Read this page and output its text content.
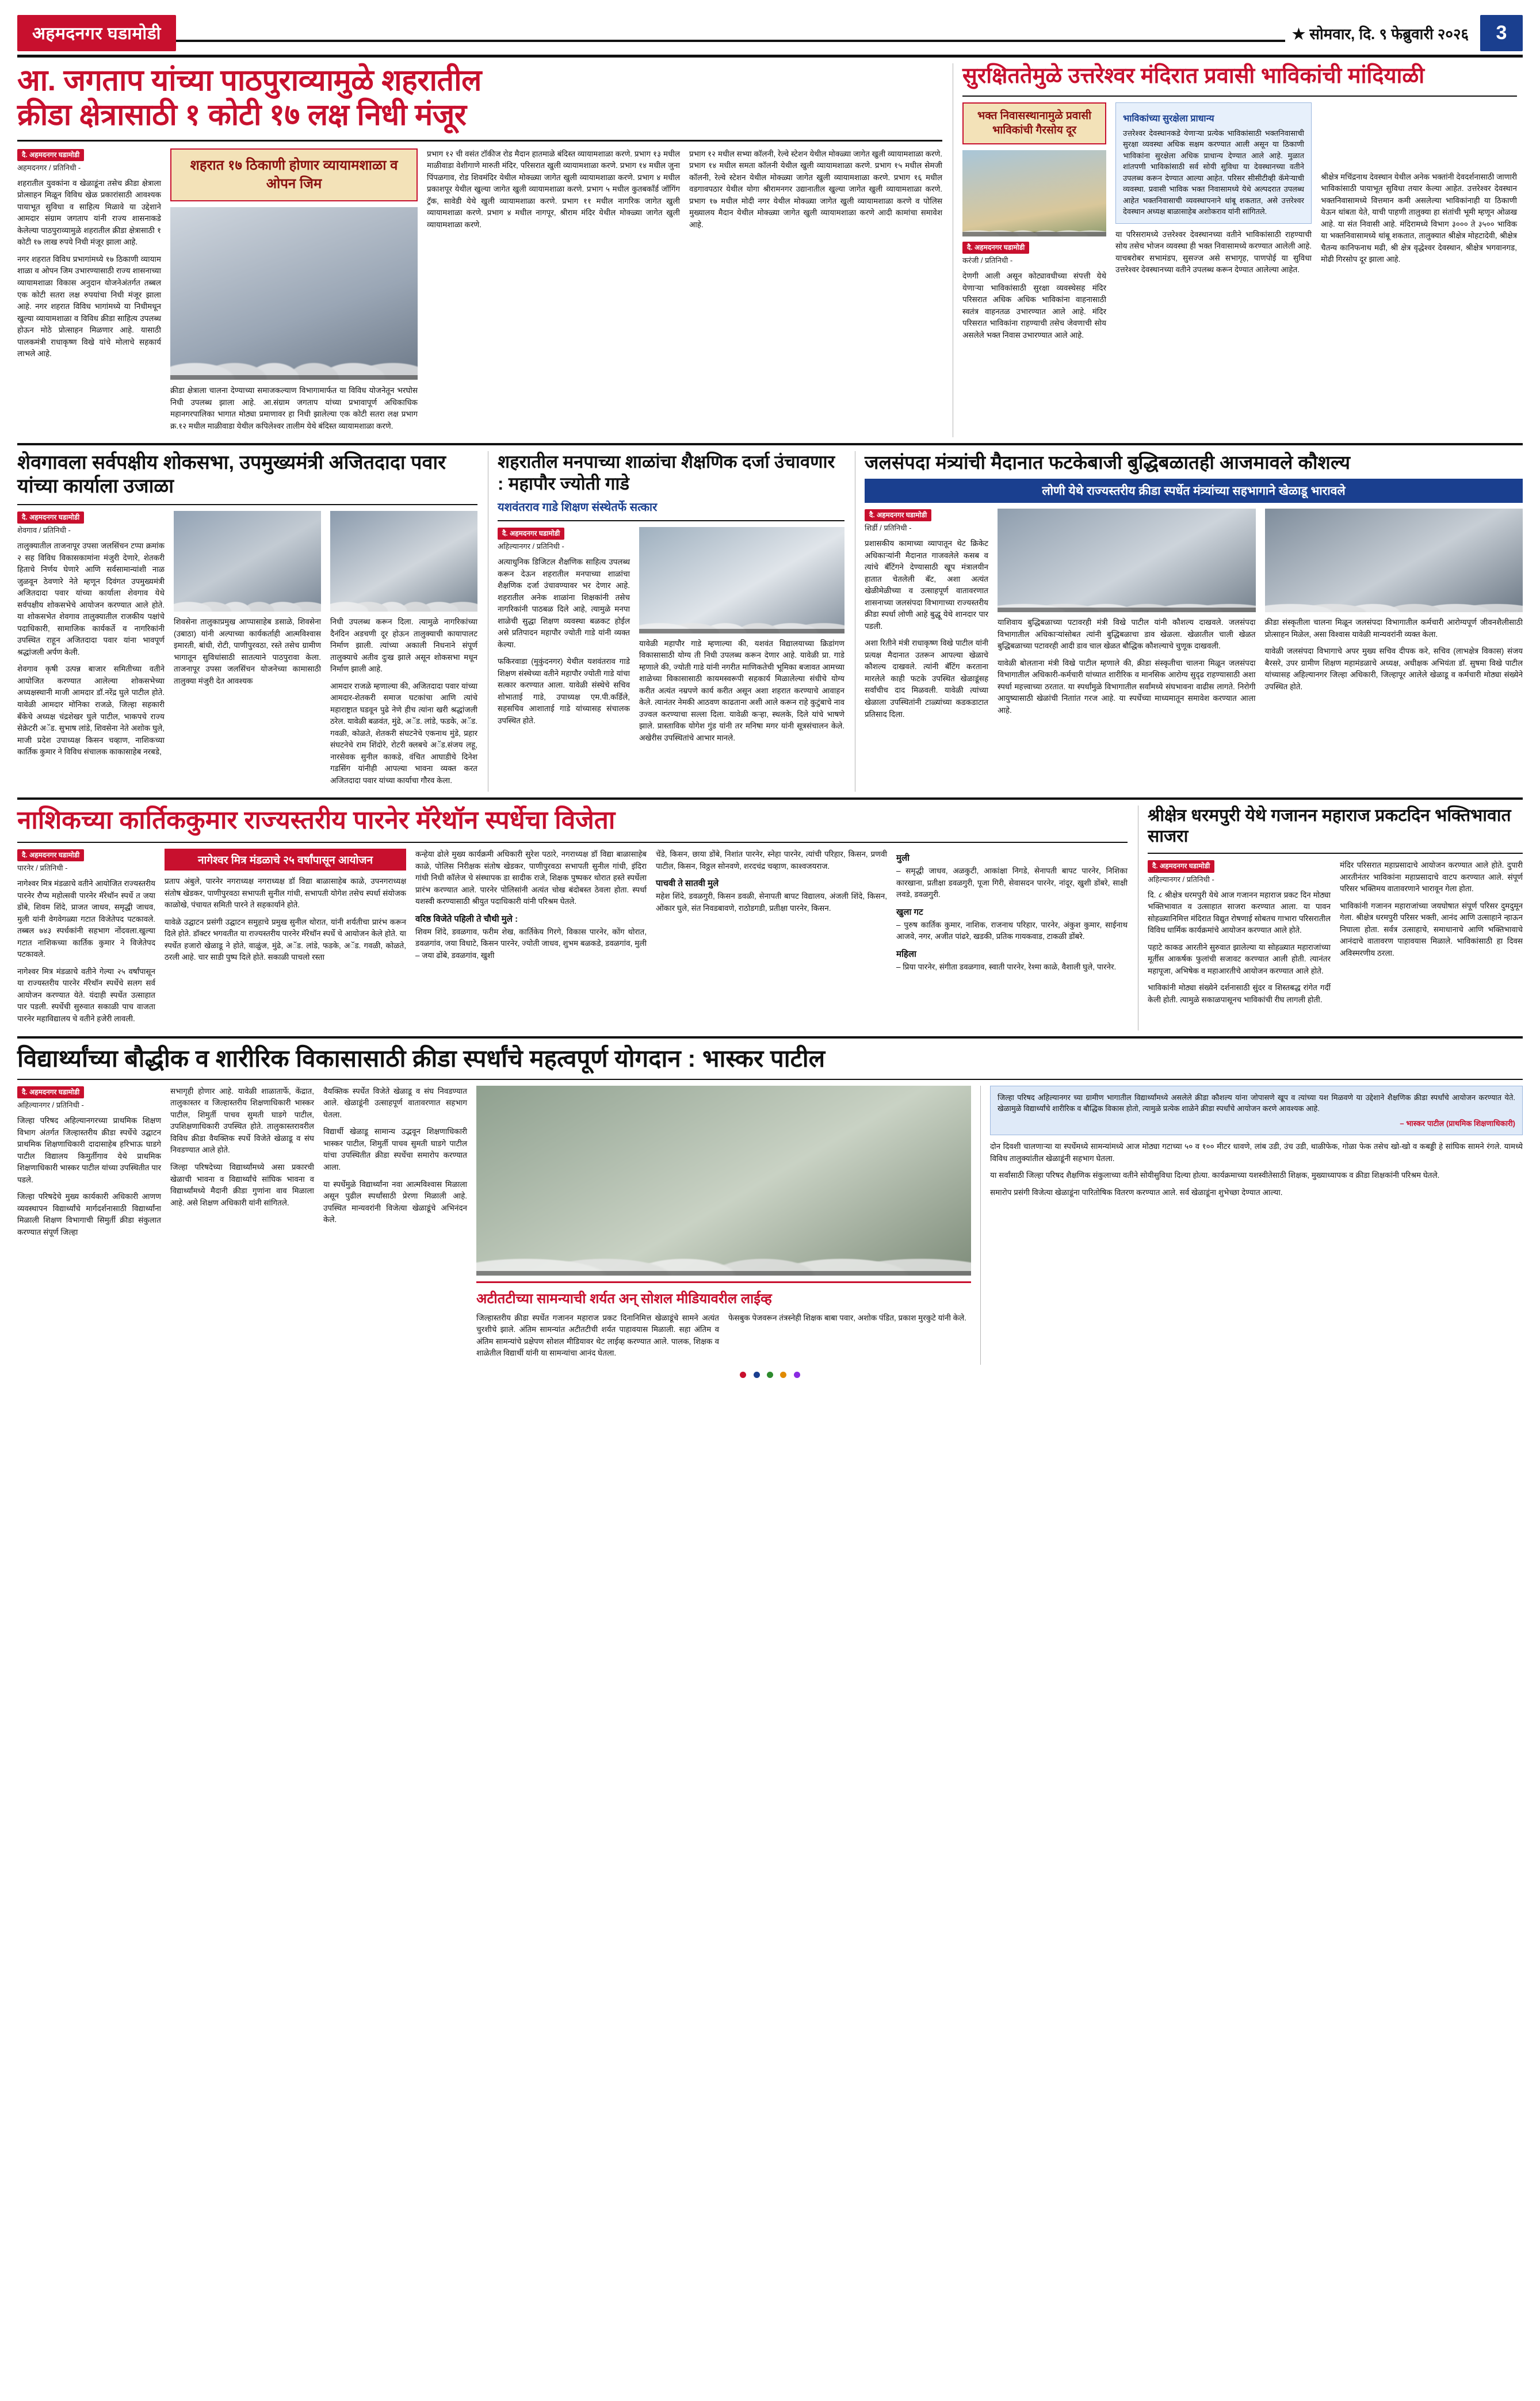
अहमदनगर घडामोडी	★ सोमवार, दि. ९ फेब्रुवारी २०२६	3
आ. जगताप यांच्या पाठपुराव्यामुळे शहरातील
क्रीडा क्षेत्रासाठी १ कोटी १७ लक्ष निधी मंजूर
दै. अहमदनगर घडामोडी
अहमदनगर / प्रतिनिधी -

शहरातील युवकांना व खेळाडूंना तसेच क्रीडा क्षेत्राला प्रोत्साहन मिळून विविध खेळ प्रकारांसाठी आवश्यक पायाभूत सुविधा व साहित्य मिळावे या उद्देशाने आमदार संग्राम जगताप यांनी राज्य शासनाकडे केलेल्या पाठपुराव्यामुळे शहरातील क्रीडा क्षेत्रासाठी १ कोटी १७ लाख रुपये निधी मंजूर झाला आहे.

नगर शहरात विविध प्रभागांमध्ये १७ ठिकाणी व्यायाम शाळा व ओपन जिम उभारण्यासाठी राज्य शासनाच्या व्यायामशाळा विकास अनुदान योजनेअंतर्गत तब्बल एक कोटी सतरा लक्ष रुपयांचा निधी मंजूर झाला आहे. नगर शहरात विविध भागांमध्ये या निधीमधून खुल्या व्यायामशाळा व विविध क्रीडा साहित्य उपलब्ध होऊन मोठे प्रोत्साहन मिळणार आहे. यासाठी पालकमंत्री राधाकृष्ण विखे यांचे मोलाचे सहकार्य लाभले आहे.

शहरात १७ ठिकाणी होणार व्यायामशाळा व ओपन जिम

क्रीडा क्षेत्राला चालना देण्याच्या समाजकल्याण विभागामार्फत या विविध योजनेतून भरघोस निधी उपलब्ध झाला आहे. आ.संग्राम जगताप यांच्या प्रभावापूर्ण अधिकाधिक महानगरपालिका भागात मोठ्या प्रमाणावर हा निधी झालेल्या एक कोटी सतरा लक्ष प्रभाग क्र.१२ मधील माळीवाडा येथील कपिलेश्वर तालीम येथे बंदिस्त व्यायामशाळा करणे.

प्रभाग १२ ची वसंत टॉकीज रोड मैदान हातमाळे बंदिस्त व्यायामशाळा करणे. प्रभाग १३ मधील माळीवाडा वेशीगाणे मारुती मंदिर, परिसरात खुली व्यायामशाळा करणे. प्रभाग १४ मधील जुना पिंपळगाव, रोड शिवमंदिर येथील मोक्ळ्या जागेत खुली व्यायामशाळा करणे. प्रभाग ४ मधील प्रकाशपूर येथील खुल्या जागेत खुली व्यायामशाळा करणे. प्रभाग ५ मधील कुतबकाँर्ड जॉगिंग ट्रॅक, सावेडी येथे खुली व्यायामशाळा करणे. प्रभाग ११ मधील नागरिक जागेत खुली व्यायामशाळा करणे. प्रभाग ४ मधील नागपूर, श्रीराम मंदिर येथील मोक्ळ्या जागेत खुली व्यायामशाळा करणे.

प्रभाग १२ मधील सभ्या कॉलनी, रेल्वे स्टेशन येथील मोक्ळ्या जागेत खुली व्यायामशाळा करणे. प्रभाग १४ मधील समता कॉलनी येथील खुली व्यायामशाळा करणे. प्रभाग १५ मधील सेमजी कॉलनी, रेल्वे स्टेशन येथील मोक्ळ्या जागेत खुली व्यायामशाळा करणे. प्रभाग १६ मधील वडगावपठार येथील योगा श्रीरामनगर उद्यानातील खुल्या जागेत खुली व्यायामशाळा करणे. प्रभाग १७ मधील मोदी नगर येथील मोक्ळ्या जागेत खुली व्यायामशाळा करणे व पोलिस मुख्यालय मैदान येथील मोक्ळ्या जागेत खुली व्यायामशाळा करणे आदी कामांचा समावेश आहे.

सुरक्षिततेमुळे उत्तरेश्वर मंदिरात प्रवासी भाविकांची मांदियाळी
भक्त निवासस्थानामुळे प्रवासी भाविकांची गैरसोय दूर
दै. अहमदनगर घडामोडी
करंजी / प्रतिनिधी -

देणगी आली असून कोट्यावधीच्या संपत्ती येथे येणाऱ्या भाविकांसाठी सुरक्षा व्यवस्थेसह मंदिर परिसरात अधिक अधिक भाविकांना वाहनासाठी स्वतंत्र वाहनतळ उभारण्यात आले आहे. मंदिर परिसरात भाविकांना राहण्याची तसेच जेवणाची सोय असलेले भक्त निवास उभारण्यात आले आहे.

भाविकांच्या सुरक्षेला प्राधान्य
उत्तरेश्वर देवस्थानकडे येणाऱ्या प्रत्येक भाविकांसाठी भक्तनिवासाची सुरक्षा व्यवस्था अधिक सक्षम करण्यात आली असून या ठिकाणी भाविकांना सुरक्षेला अधिक प्राधान्य देण्यात आले आहे. मुळात शांतपणी भाविकांसाठी सर्व सोयी सुविधा या देवस्थानच्या वतीने उपलब्ध करून देण्यात आल्या आहेत. परिसर सीसीटीव्ही कॅमेऱ्याची व्यवस्था. प्रवासी भाविक भक्त निवासामध्ये येथे अल्पदरात उपलब्ध आहेत भक्तनिवासाची व्यवस्थापनाने थांबू शकतात, असे उत्तरेश्वर देवस्थान अध्यक्ष बाळासाहेब अशोकराव यांनी सांगितले.

या परिसरामध्ये उत्तरेश्वर देवस्थानच्या वतीने भाविकांसाठी राहण्याची सोय तसेच भोजन व्यवस्था ही भक्त निवासामध्ये करण्यात आलेली आहे. याचबरोबर सभामंडप, सुसज्ज असे सभागृह, पाणपोई या सुविधा उत्तरेश्वर देवस्थानच्या वतीने उपलब्ध करून देण्यात आलेल्या आहेत.

श्रीक्षेत्र मचिंद्रनाथ देवस्थान येथील अनेक भक्तांनी देवदर्शनासाठी जाणारी भाविकांसाठी पायाभूत सुविधा तयार केल्या आहेत. उत्तरेश्वर देवस्थान भक्तनिवासामध्ये वित्तमान कमी असलेल्या भाविकांनाही या ठिकाणी येऊन थांबता येते, याची पाहणी तालुक्या हा संतांची भूमी म्हणून ओळख आहे. या संत निवासी आहे. मंदिरामध्ये विभाग ३००० ते ३५०० भाविक या भक्तनिवासामध्ये थांबू शकतात, तालुक्यात श्रीक्षेत्र मोहटादेवी, श्रीक्षेत्र चैतन्य कानिफनाथ मढी, श्री क्षेत्र वृद्धेश्वर देवस्थान, श्रीक्षेत्र भगवानगड, मोढी गिरसोप दूर झाला आहे.

शेवगावला सर्वपक्षीय शोकसभा, उपमुख्यमंत्री अजितदादा पवार यांच्या कार्याला उजाळा
दै. अहमदनगर घडामोडी
शेवगाव / प्रतिनिधी -

तालुक्यातील ताजनापूर उपसा जलसिंचन टप्पा क्रमांक २ सह विविध विकासकामांना मंजुरी देणारे, शेतकरी हिताचे निर्णय घेणारे आणि सर्वसामान्यांशी नाळ जुळवून ठेवणारे नेते म्हणून दिवंगत उपमुख्यमंत्री अजितदादा पवार यांच्या कार्याला शेवगाव येथे सर्वपक्षीय शोकसभेचे आयोजन करण्यात आले होते. या शोकसभेत शेवगाव तालुक्यातील राजकीय पक्षांचे पदाधिकारी, सामाजिक कार्यकर्ते व नागरिकांनी उपस्थित राहून अजितदादा पवार यांना भावपूर्ण श्रद्धांजली अर्पण केली.

शेवगाव कृषी उत्पन्न बाजार समितीच्या वतीने आयोजित करण्यात आलेल्या शोकसभेच्या अध्यक्षस्थानी माजी आमदार डॉ.नरेंद्र घुले पाटील होते. यावेळी आमदार मोनिका राजळे, जिल्हा सहकारी बँकेचे अध्यक्ष चंद्रशेखर घुले पाटील, भाकपचे राज्य सेक्रेटरी अॅड. सुभाष लांडे, शिवसेना नेते अशोक घुले, माजी प्रदेश उपाध्यक्ष किसन चव्हाण, नाशिकच्या कार्तिक कुमार ने विविध संचालक काकासाहेब नरबडे,

शिवसेना तालुकाप्रमुख आप्पासाहेब डसाळे, शिवसेना (उबाठा) यांनी अल्पाच्या कार्यकर्ताही आत्मविश्वास इमारती, बांधी, रोटी, पाणीपुरवठा, रस्ते तसेच ग्रामीण भागातून सुविधांसाठी सातत्याने पाठपुरावा केला. ताजनापूर उपसा जलसिंचन योजनेच्या कामासाठी तालुक्या मंजुरी देत आवश्यक

निधी उपलब्ध करून दिला. त्यामुळे नागरिकांच्या दैनंदिन अडचणी दूर होऊन तालुक्याची कायापालट निर्माण झाली. त्यांच्या अकाली निधनाने संपूर्ण तालुक्याचे अतीव दुःख झाले असून शोकसभा मधून निर्माण झाली आहे.

आमदार राजळे म्हणाल्या की, अजितदादा पवार यांच्या आमदार-शेतकरी समाज घटकांचा आणि त्यांचे महाराष्ट्रात घडवून पुढे नेणे हीच त्यांना खरी श्रद्धांजली ठरेल. यावेळी बळवंत, मुंढे, अॅड. लांडे, फडके, अॅड. गवळी, कोळते, शेतकरी संघटनेचे एकनाथ मुंडे, प्रहार संघटनेचे राम शिंदोरे, रोटरी क्लबचे अॅड.संजय लहू, नारसेवक सुनील काकडे, वंचित आघाडीचे दिनेश गडसिंग यांनीही आपल्या भावना व्यक्त करत अजितदादा पवार यांच्या कार्याचा गौरव केला.

शहरातील मनपाच्या शाळांचा शैक्षणिक दर्जा उंचावणार : महापौर ज्योती गाडे
यशवंतराव गाडे शिक्षण संस्थेतर्फे सत्कार
दै. अहमदनगर घडामोडी
अहिल्यानगर / प्रतिनिधी -

अत्याधुनिक डिजिटल शैक्षणिक साहित्य उपलब्ध करून देऊन शहरातील मनपाच्या शाळांचा शैक्षणिक दर्जा उंचावण्यावर भर देणार आहे. शहरातील अनेक शाळांना शिक्षकांनी तसेच नागरिकांनी पाठबळ दिले आहे, त्यामुळे मनपा शाळेची सुद्धा शिक्षण व्यवस्था बळकट होईल असे प्रतिपादन महापौर ज्योती गाडे यांनी व्यक्त केल्या.

फकिरवाडा (मुकुंदनगर) येथील यशवंतराव गाडे शिक्षण संस्थेच्या वतीने महापौर ज्योती गाडे यांचा सत्कार करण्यात आला. यावेळी संस्थेचे सचिव शोभाताई गाडे, उपाध्यक्ष एम.पी.कर्डिले, सहसचिव आशाताई गाडे यांच्यासह संचालक उपस्थित होते.

यावेळी महापौर गाडे म्हणाल्या की, यशवंत विद्यालयाच्या क्रिडांगण विकासासाठी योग्य ती निधी उपलब्ध करून देणार आहे. यावेळी प्रा. गाडे म्हणाले की, ज्योती गाडे यांनी नगरीत माणिकतेची भूमिका बजावत आमच्या शाळेच्या विकासासाठी कायमस्वरूपी सहकार्य मिळालेल्या संधीचे योग्य करीत अत्यंत नम्रपणे कार्य करीत असून अशा शहरात करण्याचे आवाहन केले. त्यानंतर नेमकी आठवण काढताना अशी आले करून राहे कुटुंबाचे नाव उज्वल करण्याचा सल्ला दिला. यावेळी कऱ्हा, स्थलके, दिले यांचे भाषणे झाले. प्रास्ताविक योगेश गुंड यांनी तर मनिषा मगर यांनी सूत्रसंचालन केले. अखेरीस उपस्थितांचे आभार मानले.

जलसंपदा मंत्र्यांची मैदानात फटकेबाजी बुद्धिबळातही आजमावले कौशल्य
लोणी येथे राज्यस्तरीय क्रीडा स्पर्धेत मंत्र्यांच्या सहभागाने खेळाडू भारावले
दै. अहमदनगर घडामोडी
शिर्डी / प्रतिनिधी -

प्रशासकीय कामाच्या व्यापातून थेट क्रिकेट अधिकाऱ्यांनी मैदानात गाजवलेले कसब व त्यांचे बॅटिंगने देण्यासाठी खूप मंत्रालयीन हातात चेतलेली बॅट, अशा अत्यंत खेळीमेळीच्या व उत्साहपूर्ण वातावरणात शासनाच्या जलसंपदा विभागाच्या राज्यस्तरीय क्रीडा स्पर्धा लोणी आहे बुद्धू येथे शानदार पार पडली.

अशा रितीने मंत्री राधाकृष्ण विखे पाटील यांनी प्रत्यक्ष मैदानात उतरून आपल्या खेळाचे कौशल्य दाखवले. त्यांनी बॅटिंग करताना मारलेले काही फटके उपस्थित खेळाडूंसह सर्वांचीच दाद मिळवली. यावेळी त्यांच्या खेळाला उपस्थितांनी टाळ्यांच्या कडकडाटात प्रतिसाद दिला.

याशिवाय बुद्धिबळाच्या पटावरही मंत्री विखे पाटील यांनी कौशल्य दाखवले. जलसंपदा विभागातील अधिकाऱ्यांसोबत त्यांनी बुद्धिबळाचा डाव खेळला. खेळातील चाली खेळत बुद्धिबळाच्या पटावरही आदी डाव चाल खेळत बौद्धिक कौशल्याचे चुणूक दाखवली.

यावेळी बोलताना मंत्री विखे पाटील म्हणाले की, क्रीडा संस्कृतीचा चालना मिळून जलसंपदा विभागातील अधिकारी-कर्मचारी यांच्यात शारीरिक व मानसिक आरोग्य सुदृढ राहण्यासाठी अशा स्पर्धा महत्त्वाच्या ठरतात. या स्पर्धांमुळे विभागातील सर्वांमध्ये संघभावना वाढीस लागते. निरोगी आयुष्यासाठी खेळांची निताांत गरज आहे. या स्पर्धेच्या माध्यमातून समावेश करण्यात आला आहे.

क्रीडा संस्कृतीला चालना मिळून जलसंपदा विभागातील कर्मचारी आरोग्यपूर्ण जीवनशैलीसाठी प्रोत्साहन मिळेल, असा विश्वास यावेळी मान्यवरांनी व्यक्त केला.

यावेळी जलसंपदा विभागाचे अपर मुख्य सचिव दीपक करे, सचिव (लाभक्षेत्र विकास) संजय बैरसरे, उपर ग्रामीण शिक्षण महामंडळाचे अध्यक्ष, अधीक्षक अभियंता डॉ. सुषमा विखे पाटील यांच्यासह अहिल्यानगर जिल्हा अधिकारी, जिल्हापूर आलेले खेळाडू व कर्मचारी मोठ्या संख्येने उपस्थित होते.

नाशिकच्या कार्तिककुमार राज्यस्तरीय पारनेर मॅरेथॉन स्पर्धेचा विजेता
दै. अहमदनगर घडामोडी
पारनेर / प्रतिनिधी -

नागेश्वर मित्र मंडळाचे वतीने आयोजित राज्यस्तरीय पारनेर रौप्य महोत्सवी पारनेर मॅरेथॉन स्पर्धे त जया डोंबे, शिवम शिंदे, प्राजत जाधव, समृद्धी जाधव, मुली यांनी वेगवेगळ्या गटात विजेतेपद पटकावले. तब्बल ७४३ स्पर्धकांनी सहभाग नोंदवला.खुल्या गटात नाशिकच्या कार्तिक कुमार ने विजेतेपद पटकावले.

नागेश्वर मित्र मंडळाचे वतीने गेल्या २५ वर्षांपासून या राज्यस्तरीय पारनेर मॅरेथॉन स्पर्धेचे सलग सर्व आयोजन करण्यात येते. यंदाही स्पर्धेत उत्साहात पार पडली. स्पर्धेची सुरुवात सकाळी पाच वाजता पारनेर महाविद्यालय चे वतीने हजेरी लावली.

नागेश्वर मित्र मंडळाचे २५ वर्षांपासून आयोजन

प्रताप अंबुले, पारनेर नगराध्यक्ष नगराध्यक्ष डॉ विद्या बाळासाहेब काळे, उपनगराध्यक्ष संतोष खेडकर, पाणीपुरवठा सभापती सुनील गांधी, सभापती योगेश तसेच स्पर्धा संयोजक काळोखे, पंचायत समिती पारने ते सहकार्याने होते.

यावेळे उद्घाटन प्रसंगी उद्घाटन समुहाचे प्रमुख सुनील थोरात, यांनी शर्यतीचा प्रारंभ करून दिले होते. डॉक्टर भगवतीत या राज्यस्तरीय पारनेर मॅरेथॉन स्पर्धे चे आयोजन केले होते. या स्पर्धेत हजारो खेळाडू ने होते, वाळुंज, मुंढे, अॅड. लांडे, फडके, अॅड. गवळी, कोळते, ठरली आहे. चार साडी पुष्प दिले होते. सकाळी पाचलो रस्ता

कन्हेया ढोले मुख्य कार्यक्रमी अधिकारी सुरेश पठारे, नगराध्यक्ष डॉ विद्या बाळासाहेब काळे, पोलिस निरीक्षक संतोष खेडकर, पाणीपुरवठा सभापती सुनील गांधी, इंदिरा गांधी निधी कॉलेज चे संस्थापक डा सादीक राजे, शिक्षक पुष्पकर थोरात हस्ते स्पर्धेला प्रारंभ करण्यात आले. पारनेर पोलिसांनी अत्यंत चोख बंदोबस्त ठेवला होता. स्पर्धा यशस्वी करण्यासाठी श्रीयुत पदाधिकारी यांनी परिश्रम घेतले.

वरिष्ठ विजेते पहिली ते चौथी मुले :

शिवम शिंदे, डवळगाव, फरीम शेख, कार्तिकेय गिरगे, विकास पारनेर, कोंग थोरात, डवळगांव, जया विधाटे, किसन पारनेर, ज्योती जाधव, शुभम बळकडे, डवळगांव, मुली – जया ढोंबे, डवळगांव, खुशी

चेंडे, किसन, छाया डोंबे, निशांत पारनेर, स्नेहा पारनेर, त्यांची परिहार, किसन, प्रणवी पाटील, किसन, विठ्ठल सोनवणे, शरदचंद्र चव्हाण, काश्वजयराज.

पाचवी ते सातवी मुले

महेश शिंदे, डवळगुरी, किसन डवळी, सेनापती बापट विद्यालय, अंजली शिंदे, किसन, ओंकार घुले, संत निवडबावणे, राठोडगडी, प्रतीक्षा पारनेर, किसन.

मुली

– समृद्धी जाधव, अळकुटी, आकांक्षा निगडे, सेनापती बापट पारनेर, निशिका कारखाना, प्रतीक्षा डवळगुरी, पूजा गिरी, सेवासदन पारनेर, नांदूर, खुशी डोंबरे, साक्षी लवडे, डवळगुरी.

खुला गट

– पुरुष कार्तिक कुमार, नाशिक, राजनाथ परिहार, पारनेर, अंकुश कुमार, साईनाथ आजवे, नगर, अजीत पांढरे, खडकी, प्रतिक गायकवाड, टाकळी डोंबरे.

महिला

– प्रिया पारनेर, संगीता डवळगाव, स्वाती पारनेर, रेश्मा काळे, वैशाली घुले, पारनेर.

श्रीक्षेत्र धरमपुरी येथे गजानन महाराज प्रकटदिन भक्तिभावात साजरा
दै. अहमदनगर घडामोडी
अहिल्यानगर / प्रतिनिधी -

दि. ८ श्रीक्षेत्र धरमपुरी येथे आज गजानन महाराज प्रकट दिन मोठ्या भक्तिभावात व उत्साहात साजरा करण्यात आला. या पावन सोहळ्यानिमित्त मंदिरात विद्युत रोषणाई सोबतच गाभारा परिसरातील विविध धार्मिक कार्यक्रमांचे आयोजन करण्यात आले होते.

पहाटे काकड आरतीने सुरुवात झालेल्या या सोहळ्यात महाराजांच्या मूर्तीस आकर्षक फुलांची सजावट करण्यात आली होती. त्यानंतर महापूजा, अभिषेक व महाआरतीचे आयोजन करण्यात आले होते.

भाविकांनी मोठ्या संख्येने दर्शनासाठी सुंदर व शिस्तबद्ध रांगेत गर्दी केली होती. त्यामुळे सकाळपासूनच भाविकांची रीघ लागली होती.

मंदिर परिसरात महाप्रसादाचे आयोजन करण्यात आले होते. दुपारी आरतीनंतर भाविकांना महाप्रसादाचे वाटप करण्यात आले. संपूर्ण परिसर भक्तिमय वातावरणाने भारावून गेला होता.

भाविकांनी गजानन महाराजांच्या जयघोषात संपूर्ण परिसर दुमदुमून गेला. श्रीक्षेत्र धरमपुरी परिसर भक्ती, आनंद आणि उत्साहाने न्हाऊन निघाला होता. सर्वत्र उत्साहाचे, समाधानाचे आणि भक्तिभावाचे आनंदाचे वातावरण पाहावयास मिळाले. भाविकांसाठी हा दिवस अविस्मरणीय ठरला.

विद्यार्थ्यांच्या बौद्धीक व शारीरिक विकासासाठी क्रीडा स्पर्धांचे महत्वपूर्ण योगदान : भास्कर पाटील
दै. अहमदनगर घडामोडी
अहिल्यानगर / प्रतिनिधी -

जिल्हा परिषद अहिल्यानगरच्या प्राथमिक शिक्षण विभाग अंतर्गत जिल्हास्तरीय क्रीडा स्पर्धेचे उद्घाटन प्राथमिक शिक्षणाधिकारी दादासाहेब हरिभाऊ घाडगे पाटील विद्यालय किमुर्तीगाव येथे प्राथमिक शिक्षणाधिकारी भास्कर पाटील यांच्या उपस्थितीत पार पडले.

जिल्हा परिषदेचे मुख्य कार्यकारी अधिकारी आणण व्यवस्थापन विद्यार्थ्यांचे मार्गदर्शनासाठी विद्यार्थ्यांना मिळाली शिक्षण विभागाची सिमुर्ती क्रीडा संकुलात करण्यात संपूर्ण जिल्हा

सभागृही होणार आहे. यावेळी शाळातार्फे, केंद्रात, तालुकास्तर व जिल्हास्तरीय शिक्षणाधिकारी भास्कर पाटील, शिमुर्ती पाचव सुमती घाडगे पाटील, उपशिक्षणाधिकारी उपस्थित होते. तालुकास्तरावरील विविध क्रीडा वैयक्तिक स्पर्धे विजेते खेळाडू व संघ निवडण्यात आले होते.

जिल्हा परिषदेच्या विद्यार्थ्यांमध्ये असा प्रकारची खेळाची भावना व विद्यार्थ्यांचे सांघिक भावना व विद्यार्थ्यांमध्ये मैदानी क्रीडा गुणांना वाव मिळाला आहे. असे शिक्षण अधिकारी यांनी सांगितले.

वैयक्तिक स्पर्धेत विजेते खेळाडू व संघ निवडण्यात आले. खेळाडूंनी उत्साहपूर्ण वातावरणात सहभाग घेतला.

विद्यार्थी खेळाडू सामान्य उद्भवून शिक्षणाधिकारी भास्कर पाटील, शिमुर्ती पाचव सुमती घाडगे पाटील यांचा उपस्थितीत क्रीडा स्पर्धेचा समारोप करण्यात आला.

या स्पर्धेमुळे विद्यार्थ्यांना नवा आत्मविश्वास मिळाला असून पुढील स्पर्धांसाठी प्रेरणा मिळाली आहे. उपस्थित मान्यवरांनी विजेत्या खेळाडूंचे अभिनंदन केले.

अटीतटीच्या सामन्याची शर्यत अन् सोशल मीडियावरील लाईव्ह

जिल्हास्तरीय क्रीडा स्पर्धेत गजानन महाराज प्रकट दिनानिमित्त खेळाडूंचे सामने अत्यंत चुरशीचे झाले. अंतिम सामन्यांत अटीतटीची शर्यत पाहावयास मिळाली. सहा अंतिम व अंतिम सामन्यांचे प्रक्षेपण सोशल मीडियावर थेट लाईव्ह करण्यात आले. पालक, शिक्षक व शाळेतील विद्यार्थी यांनी या सामन्यांचा आनंद घेतला.

फेसबुक पेजवरून तंत्रस्नेही शिक्षक बाबा पवार, अशोक पंडित, प्रकाश मुरकुटे यांनी केले.

जिल्हा परिषद अहिल्यानगर च्या ग्रामीण भागातील विद्यार्थ्यांमध्ये असलेले क्रीडा कौशल्य यांना जोपासणे खूप व त्यांच्या यश मिळवणे या उद्देशाने शैक्षणिक क्रीडा स्पर्धांचे आयोजन करण्यात येते. खेळामुळे विद्यार्थ्यांचे शारीरिक व बौद्धिक विकास होतो, त्यामुळे प्रत्येक शाळेने क्रीडा स्पर्धांचे आयोजन करणे आवश्यक आहे.
– भास्कर पाटील (प्राथमिक शिक्षणाधिकारी)

दोन दिवशी चालणाऱ्या या स्पर्धेमध्ये सामन्यांमध्ये आज मोठ्या गटाच्या ५० व १०० मीटर धावणे, लांब उडी, उंच उडी, थाळीफेक, गोळा फेक तसेच खो-खो व कबड्डी हे सांघिक सामने रंगले. यामध्ये विविध तालुक्यांतील खेळाडूंनी सहभाग घेतला.

या सर्वांसाठी जिल्हा परिषद शैक्षणिक संकुलाच्या वतीने सोयीसुविधा दिल्या होत्या. कार्यक्रमाच्या यशस्वीतेसाठी शिक्षक, मुख्याध्यापक व क्रीडा शिक्षकांनी परिश्रम घेतले.

समारोप प्रसंगी विजेत्या खेळाडूंना पारितोषिक वितरण करण्यात आले. सर्व खेळाडूंना शुभेच्छा देण्यात आल्या.
